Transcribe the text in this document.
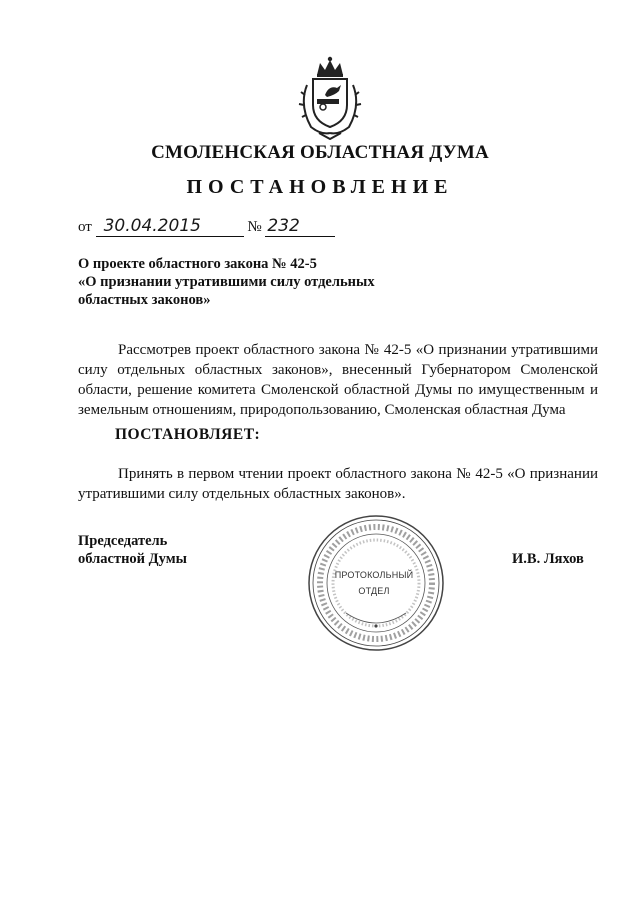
СМОЛЕНСКАЯ ОБЛАСТНАЯ ДУМА
ПОСТАНОВЛЕНИЕ
от 30.04.2015	№ 232
О проекте областного закона № 42-5
«О признании утратившими силу отдельных
областных законов»
Рассмотрев проект областного закона № 42-5 «О признании утратившими силу отдельных областных законов», внесенный Губернатором Смоленской области, решение комитета Смоленской областной Думы по имущественным и земельным отношениям, природопользованию, Смоленская областная Дума
ПОСТАНОВЛЯЕТ:
Принять в первом чтении проект областного закона № 42-5 «О признании утратившими силу отдельных областных законов».
Председатель
областной Думы	И.В. Ляхов
ПРОТОКОЛЬНЫЙ
ОТДЕЛ
